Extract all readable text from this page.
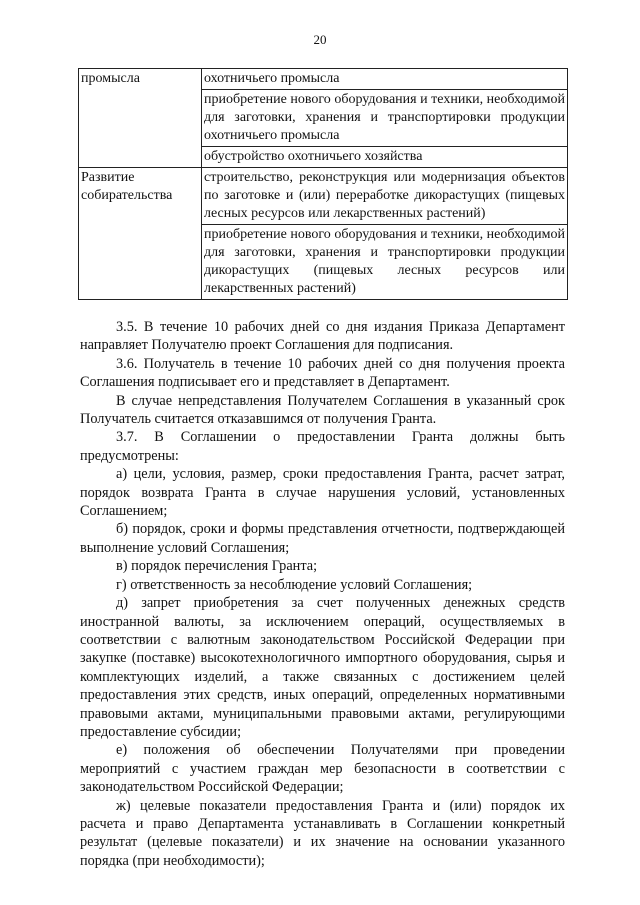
20
промысла	охотничьего промысла

	приобретение нового оборудования и техники, необходимой для заготовки, хранения и транспортировки продукции охотничьего промысла

	обустройство охотничьего хозяйства

Развитие собирательства	строительство, реконструкция или модернизация объектов по заготовке и (или) переработке дикорастущих (пищевых лесных ресурсов или лекарственных растений)

	приобретение нового оборудования и техники, необходимой для заготовки, хранения и транспортировки продукции дикорастущих (пищевых лесных ресурсов или лекарственных растений)

3.5. В течение 10 рабочих дней со дня издания Приказа Департамент направляет Получателю проект Соглашения для подписания.

3.6. Получатель в течение 10 рабочих дней со дня получения проекта Соглашения подписывает его и представляет в Департамент.

В случае непредставления Получателем Соглашения в указанный срок Получатель считается отказавшимся от получения Гранта.

3.7. В Соглашении о предоставлении Гранта должны быть предусмотрены:

а) цели, условия, размер, сроки предоставления Гранта, расчет затрат, порядок возврата Гранта в случае нарушения условий, установленных Соглашением;

б) порядок, сроки и формы представления отчетности, подтверждающей выполнение условий Соглашения;

в) порядок перечисления Гранта;

г) ответственность за несоблюдение условий Соглашения;

д) запрет приобретения за счет полученных денежных средств иностранной валюты, за исключением операций, осуществляемых в соответствии с валютным законодательством Российской Федерации при закупке (поставке) высокотехнологичного импортного оборудования, сырья и комплектующих изделий, а также связанных с достижением целей предоставления этих средств, иных операций, определенных нормативными правовыми актами, муниципальными правовыми актами, регулирующими предоставление субсидии;

е) положения об обеспечении Получателями при проведении мероприятий с участием граждан мер безопасности в соответствии с законодательством Российской Федерации;

ж) целевые показатели предоставления Гранта и (или) порядок их расчета и право Департамента устанавливать в Соглашении конкретный результат (целевые показатели) и их значение на основании указанного порядка (при необходимости);
